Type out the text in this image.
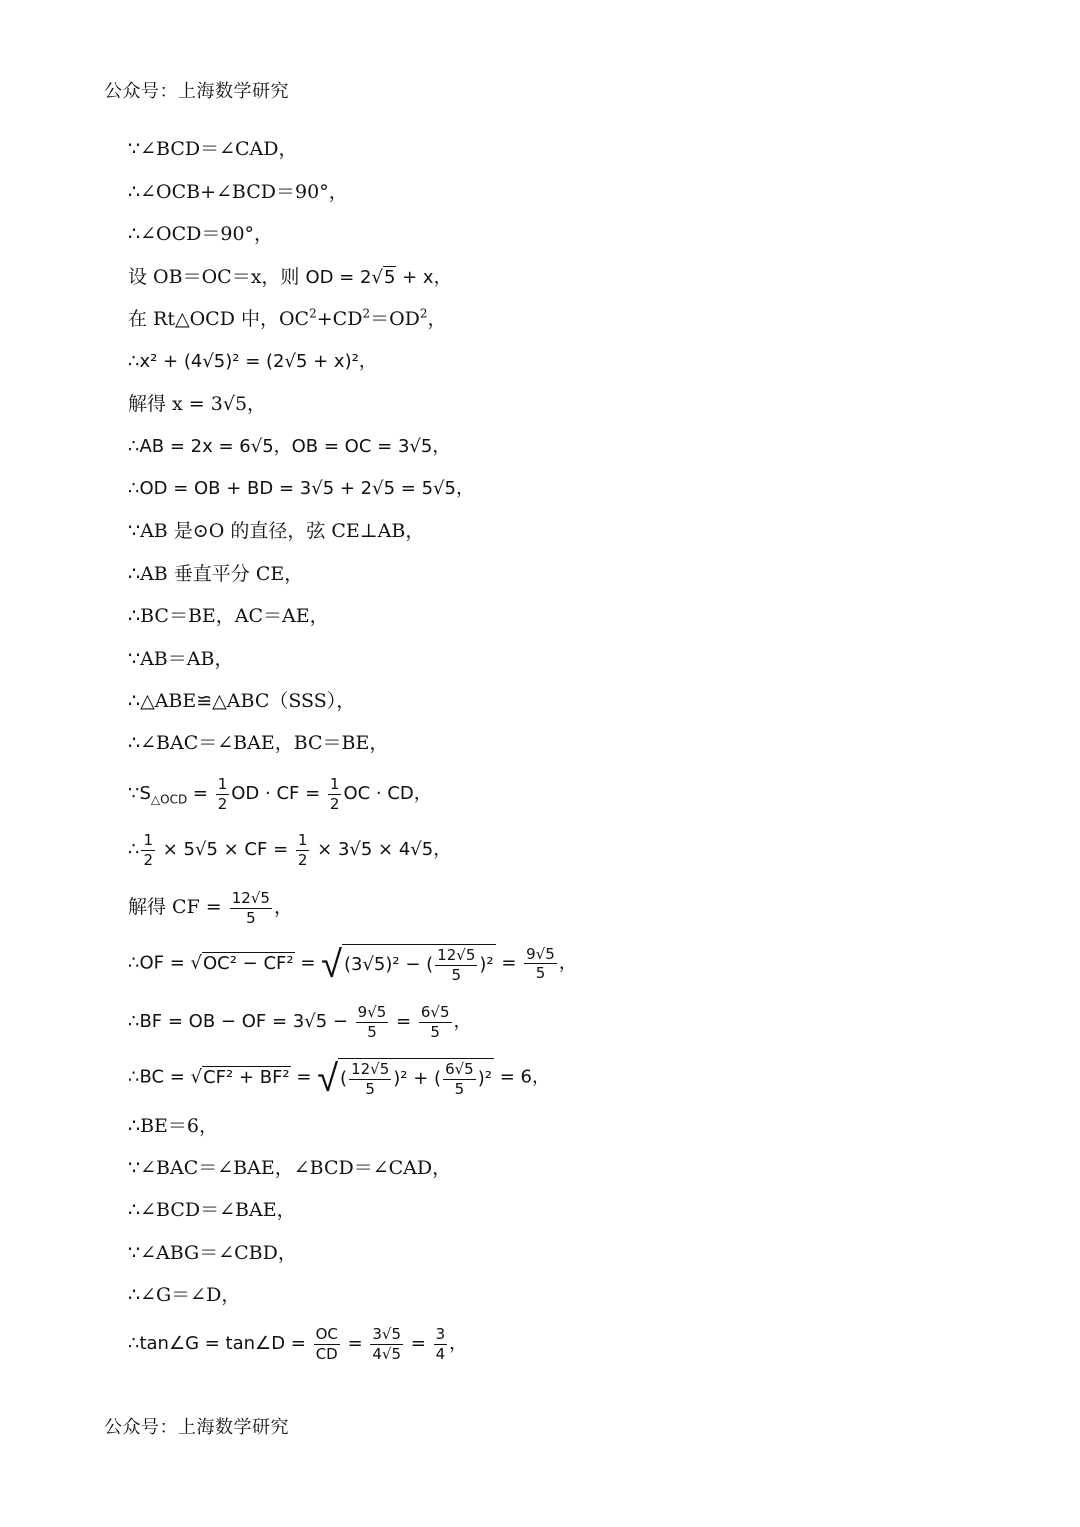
公众号：上海数学研究
∵∠BCD＝∠CAD，
∴∠OCB+∠BCD＝90°，
∴∠OCD＝90°，
设 OB＝OC＝x，则 OD = 2√5 + x，
在 Rt△OCD 中，$OC^2+CD^2=OD^2$，
∴x² + (4√5)² = (2√5 + x)²，
解得 x = 3√5，
∴AB = 2x = 6√5，OB = OC = 3√5，
∴OD = OB + BD = 3√5 + 2√5 = 5√5，
∵AB 是⊙O 的直径，弦 CE⊥AB，
∴AB 垂直平分 CE，
∴BC＝BE，AC＝AE，
∵AB＝AB，
∴△ABE≌△ABC（SSS），
∴∠BAC＝∠BAE，BC＝BE，
$\because S_{\triangle OCD} = \frac{1}{2}$ OD · CF = $\frac{1}{2}$ OC · CD，
∴ $\frac{1}{2} \times 5√5$ × CF = $\frac{1}{2} \times 3√5 \times 4√5$，
解得 CF = $\frac{12√5}{5}$ ，
∴OF = √OC² − CF² = √ (3√5)² − ( $\frac{12√5}{5} )^2 = \frac{9√5}{5}$ ，
∴BF = OB − OF = $3√5 - \frac{9√5}{5} = \frac{6√5}{5}$ ，
∴BC = √CF² + BF² = √ ( $\frac{12√5}{5} )^2$ + ( $\frac{6√5}{5} )^2 = 6$，
∴BE＝6，
∵∠BAC＝∠BAE，∠BCD＝∠CAD，
∴∠BCD＝∠BAE，
∵∠ABG＝∠CBD，
∴∠G＝∠D，
∴tan∠G = tan∠D = $\frac{OC}{CD} = \frac{3√5}{4√5} = \frac{3}{4}$ ，
公众号：上海数学研究
